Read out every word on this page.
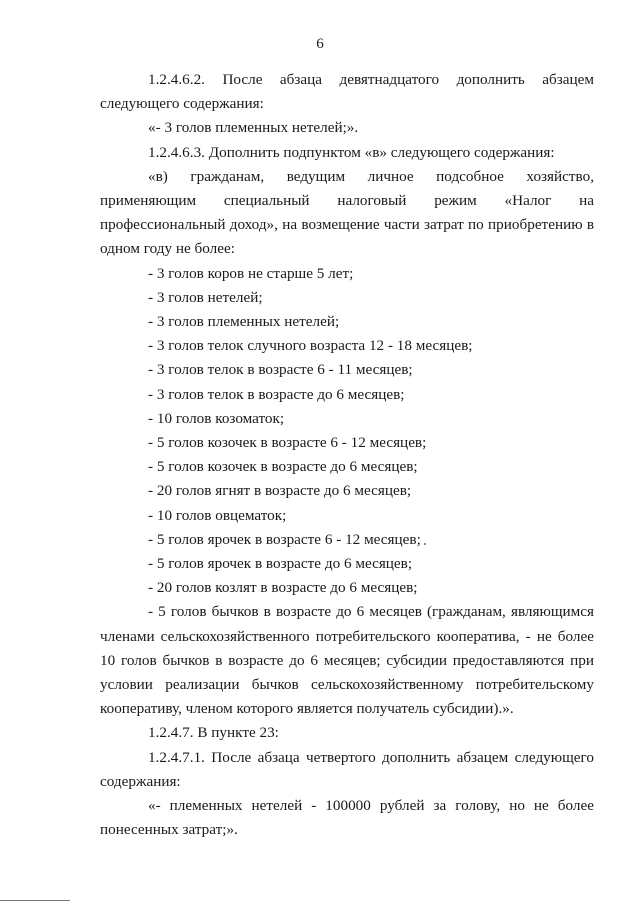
6

1.2.4.6.2. После абзаца девятнадцатого дополнить абзацем следующего содержания:

«- 3 голов племенных нетелей;».

1.2.4.6.3. Дополнить подпунктом «в» следующего содержания:

«в) гражданам, ведущим личное подсобное хозяйство, применяющим специальный налоговый режим «Налог на профессиональный доход», на возмещение части затрат по приобретению в одном году не более:

- 3 голов коров не старше 5 лет;

- 3 голов нетелей;

- 3 голов племенных нетелей;

- 3 голов телок случного возраста 12 - 18 месяцев;

- 3 голов телок в возрасте 6 - 11 месяцев;

- 3 голов телок в возрасте до 6 месяцев;

- 10 голов козоматок;

- 5 голов козочек в возрасте 6 - 12 месяцев;

- 5 голов козочек в возрасте до 6 месяцев;

- 20 голов ягнят в возрасте до 6 месяцев;

- 10 голов овцематок;

- 5 голов ярочек в возрасте 6 - 12 месяцев;

- 5 голов ярочек в возрасте до 6 месяцев;

- 20 голов козлят в возрасте до 6 месяцев;

- 5 голов бычков в возрасте до 6 месяцев (гражданам, являющимся членами сельскохозяйственного потребительского кооператива, - не более 10 голов бычков в возрасте до 6 месяцев; субсидии предоставляются при условии реализации бычков сельскохозяйственному потребительскому кооперативу, членом которого является получатель субсидии).».

1.2.4.7. В пункте 23:

1.2.4.7.1. После абзаца четвертого дополнить абзацем следующего содержания:

«- племенных нетелей - 100000 рублей за голову, но не более понесенных затрат;».
